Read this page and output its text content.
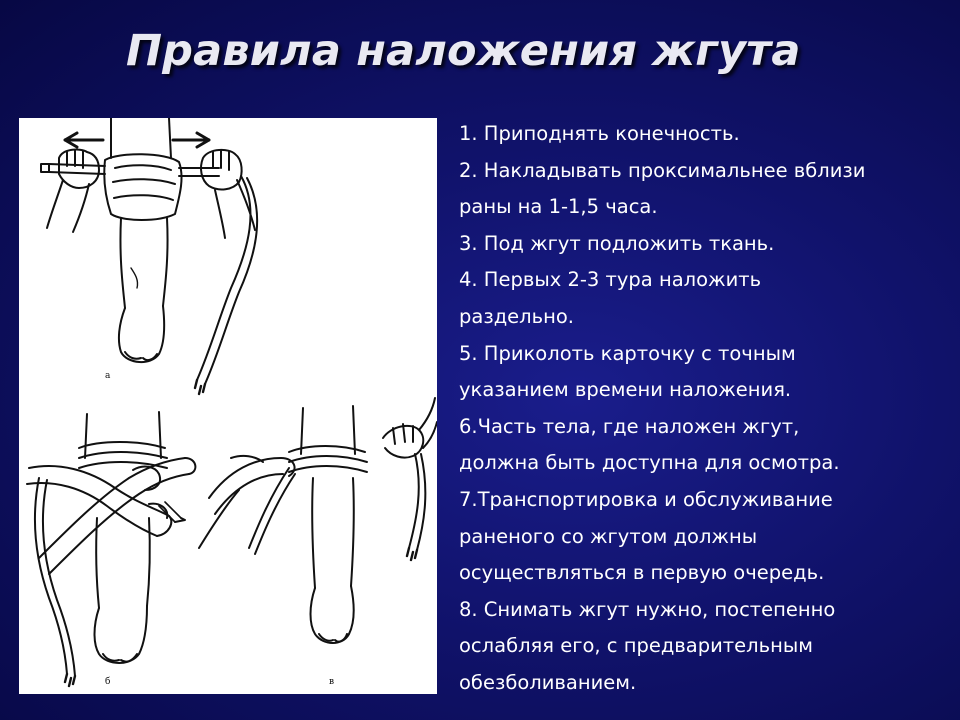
Правила наложения жгута
а
б	в
1. Приподнять конечность.
2. Накладывать проксимальнее вблизи
раны на 1-1,5 часа.
3. Под жгут подложить ткань.
4. Первых 2-3 тура наложить
раздельно.
5. Приколоть карточку с точным
указанием времени наложения.
6.Часть тела, где наложен жгут,
должна быть доступна для осмотра.
7.Транспортировка и обслуживание
раненого со жгутом должны
осуществляться в первую очередь.
8. Снимать жгут нужно, постепенно
ослабляя его, с предварительным
обезболиванием.
